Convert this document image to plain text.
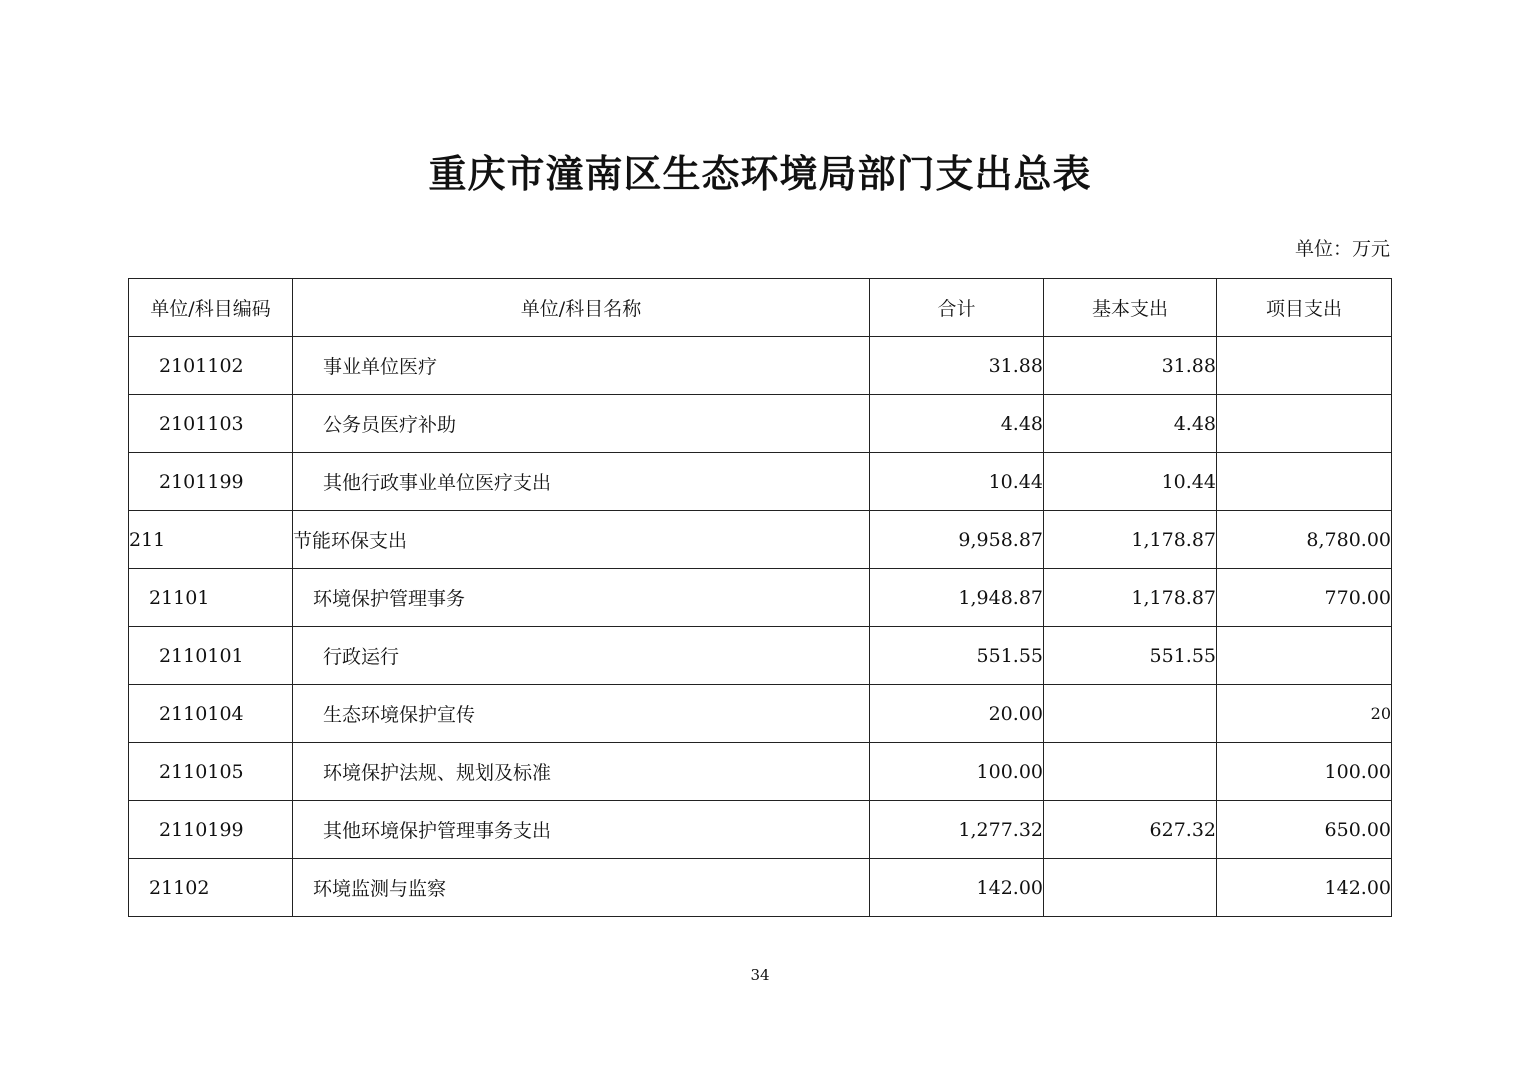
重庆市潼南区生态环境局部门支出总表
单位：万元
单位/科目编码	单位/科目名称	合计	基本支出	项目支出
2101102	事业单位医疗	31.88	31.88	
2101103	公务员医疗补助	4.48	4.48	
2101199	其他行政事业单位医疗支出	10.44	10.44	
211	节能环保支出	9,958.87	1,178.87	8,780.00
21101	环境保护管理事务	1,948.87	1,178.87	770.00
2110101	行政运行	551.55	551.55	
2110104	生态环境保护宣传	20.00		20
2110105	环境保护法规、规划及标准	100.00		100.00
2110199	其他环境保护管理事务支出	1,277.32	627.32	650.00
21102	环境监测与监察	142.00		142.00
34
